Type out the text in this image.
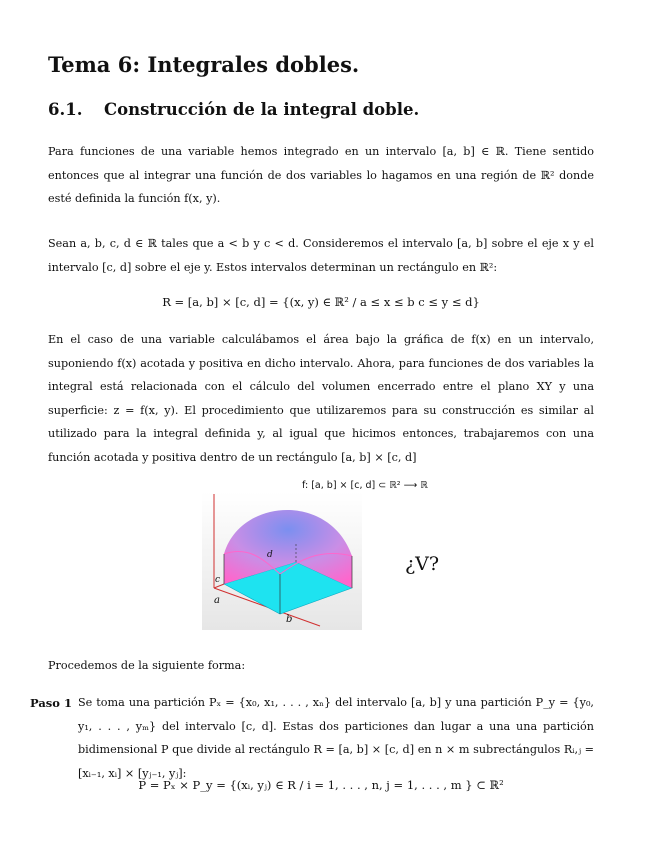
Tema 6: Integrales dobles.
6.1. Construcción de la integral doble.

Para funciones de una variable hemos integrado en un intervalo [a, b] ∈ ℝ. Tiene sentido entonces que al integrar una función de dos variables lo hagamos en una región de ℝ² donde esté definida la función f(x, y).

Sean a, b, c, d ∈ ℝ tales que a < b y c < d. Consideremos el intervalo [a, b] sobre el eje x y el intervalo [c, d] sobre el eje y. Estos intervalos determinan un rectángulo en ℝ²:

R = [a, b] × [c, d] = {(x, y) ∈ ℝ² / a ≤ x ≤ b c ≤ y ≤ d}

En el caso de una variable calculábamos el área bajo la gráfica de f(x) en un intervalo, suponiendo f(x) acotada y positiva en dicho intervalo. Ahora, para funciones de dos variables la integral está relacionada con el cálculo del volumen encerrado entre el plano XY y una superficie: z = f(x, y). El procedimiento que utilizaremos para su construcción es similar al utilizado para la integral definida y, al igual que hicimos entonces, trabajaremos con una función acotada y positiva dentro de un rectángulo [a, b] × [c, d]

f: [a, b] × [c, d] ⊂ ℝ² ⟶ ℝ
¿V?
a
b
c
d

Procedemos de la siguiente forma:

Paso 1 Se toma una partición Pₓ = {x₀, x₁, . . . , xₙ} del intervalo [a, b] y una partición P_y = {y₀, y₁, . . . , yₘ} del intervalo [c, d]. Estas dos particiones dan lugar a una una partición bidimensional P que divide al rectángulo R = [a, b] × [c, d] en n × m subrectángulos Rᵢ,ⱼ = [xᵢ₋₁, xᵢ] × [yⱼ₋₁, yⱼ]:

P = Pₓ × P_y = {(xᵢ, yⱼ) ∈ R / i = 1, . . . , n, j = 1, . . . , m } ⊂ ℝ²
